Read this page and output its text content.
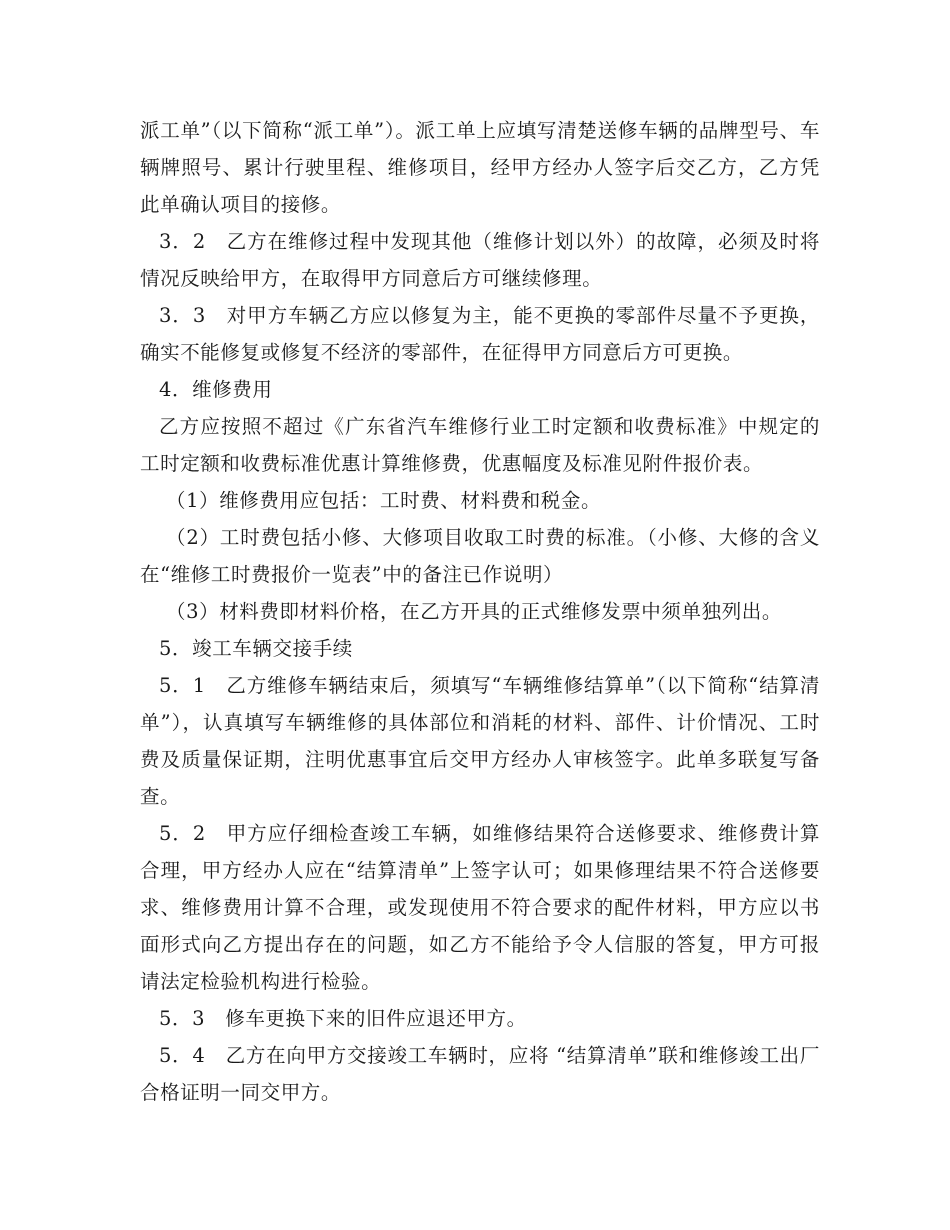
派工单”（以下简称“派工单”）。派工单上应填写清楚送修车辆的品牌型号、车辆牌照号、累计行驶里程、维修项目，经甲方经办人签字后交乙方，乙方凭此单确认项目的接修。

3．2　乙方在维修过程中发现其他（维修计划以外）的故障，必须及时将情况反映给甲方，在取得甲方同意后方可继续修理。

3．3　对甲方车辆乙方应以修复为主，能不更换的零部件尽量不予更换，确实不能修复或修复不经济的零部件，在征得甲方同意后方可更换。

4．维修费用

乙方应按照不超过《广东省汽车维修行业工时定额和收费标准》中规定的工时定额和收费标准优惠计算维修费，优惠幅度及标准见附件报价表。

（1）维修费用应包括：工时费、材料费和税金。

（2）工时费包括小修、大修项目收取工时费的标准。（小修、大修的含义在“维修工时费报价一览表”中的备注已作说明）

（3）材料费即材料价格，在乙方开具的正式维修发票中须单独列出。

5．竣工车辆交接手续

5．1　乙方维修车辆结束后，须填写“车辆维修结算单”（以下简称“结算清单”），认真填写车辆维修的具体部位和消耗的材料、部件、计价情况、工时费及质量保证期，注明优惠事宜后交甲方经办人审核签字。此单多联复写备查。

5．2　甲方应仔细检查竣工车辆，如维修结果符合送修要求、维修费计算合理，甲方经办人应在“结算清单”上签字认可；如果修理结果不符合送修要求、维修费用计算不合理，或发现使用不符合要求的配件材料，甲方应以书面形式向乙方提出存在的问题，如乙方不能给予令人信服的答复，甲方可报请法定检验机构进行检验。

5．3　修车更换下来的旧件应退还甲方。

5．4　乙方在向甲方交接竣工车辆时，应将 “结算清单”联和维修竣工出厂合格证明一同交甲方。
